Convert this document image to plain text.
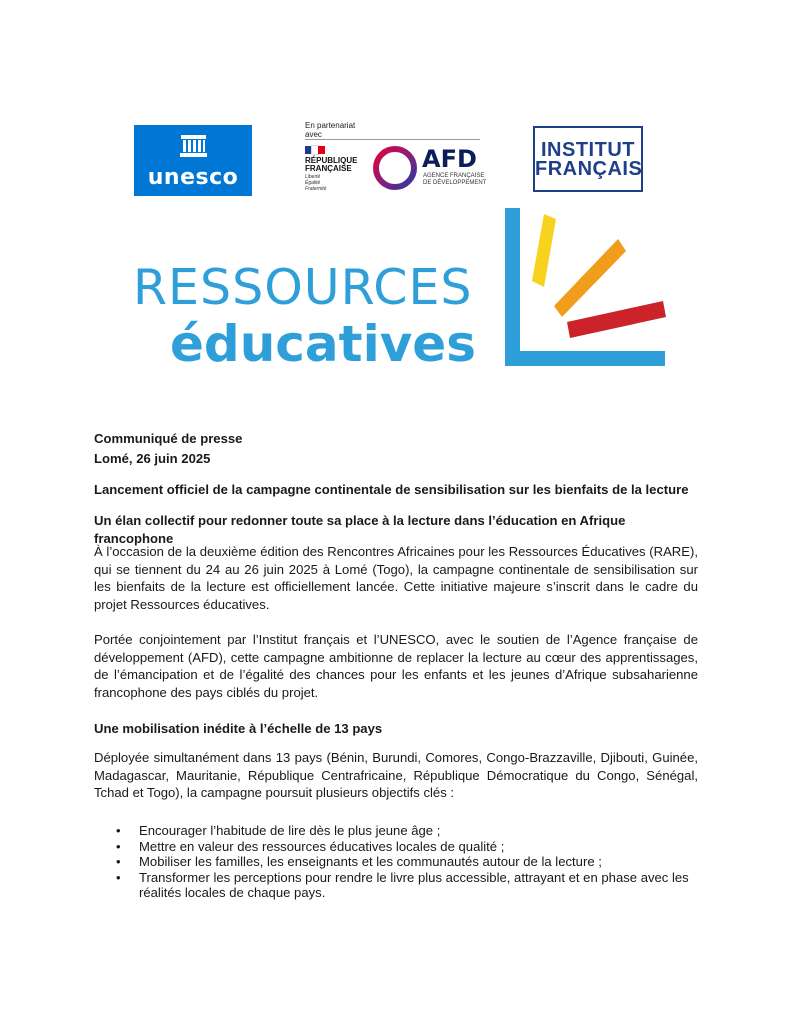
unesco
En partenariat avec
RÉPUBLIQUE
FRANÇAISE
Liberté
Égalité
Fraternité
AFD
AGENCE FRANÇAISE
DE DÉVELOPPEMENT
INSTITUT
FRANÇAIS
RESSOURCES
éducatives
Communiqué de presse
Lomé, 26 juin 2025
Lancement officiel de la campagne continentale de sensibilisation sur les bienfaits de la lecture
Un élan collectif pour redonner toute sa place à la lecture dans l’éducation en Afrique francophone
À l’occasion de la deuxième édition des Rencontres Africaines pour les Ressources Éducatives (RARE), qui se tiennent du 24 au 26 juin 2025 à Lomé (Togo), la campagne continentale de sensibilisation sur les bienfaits de la lecture est officiellement lancée. Cette initiative majeure s’inscrit dans le cadre du projet Ressources éducatives.
Portée conjointement par l’Institut français et l’UNESCO, avec le soutien de l’Agence française de développement (AFD), cette campagne ambitionne de replacer la lecture au cœur des apprentissages, de l’émancipation et de l’égalité des chances pour les enfants et les jeunes d’Afrique subsaharienne francophone des pays ciblés du projet.
Une mobilisation inédite à l’échelle de 13 pays
Déployée simultanément dans 13 pays (Bénin, Burundi, Comores, Congo-Brazzaville, Djibouti, Guinée, Madagascar, Mauritanie, République Centrafricaine, République Démocratique du Congo, Sénégal, Tchad et Togo), la campagne poursuit plusieurs objectifs clés :
• Encourager l’habitude de lire dès le plus jeune âge ;
• Mettre en valeur des ressources éducatives locales de qualité ;
• Mobiliser les familles, les enseignants et les communautés autour de la lecture ;
• Transformer les perceptions pour rendre le livre plus accessible, attrayant et en phase avec les réalités locales de chaque pays.
